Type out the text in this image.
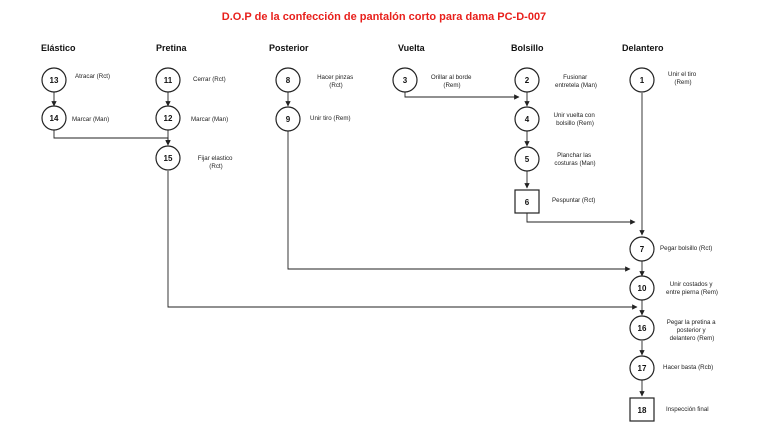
D.O.P de la confección de pantalón corto para dama PC-D-007
Elástico	Pretina	Posterior	Vuelta	Bolsillo	Delantero
13	Atracar (Rct)
14 Marcar (Man)
11	Cerrar (Rct)
12	Marcar (Man)
15	Fijar elastico (Rct)
8	Hacer pinzas (Rct)
9	Unir tiro (Rem)
3	Orillar al borde (Rem)
2	Fusionar entretela (Man)
4	Unir vuelta con bolsillo (Rem)
5	Planchar las costuras (Man)
6	Pespuntar (Rct)
1
Unir el tiro (Rem)
7	Pegar bolsillo (Rct)
10	Unir costados y entre pierna (Rem)
16
Pegar la pretina a posterior y delantero (Rem)
17	Hacer basta (Rcb)
18	Inspección final
